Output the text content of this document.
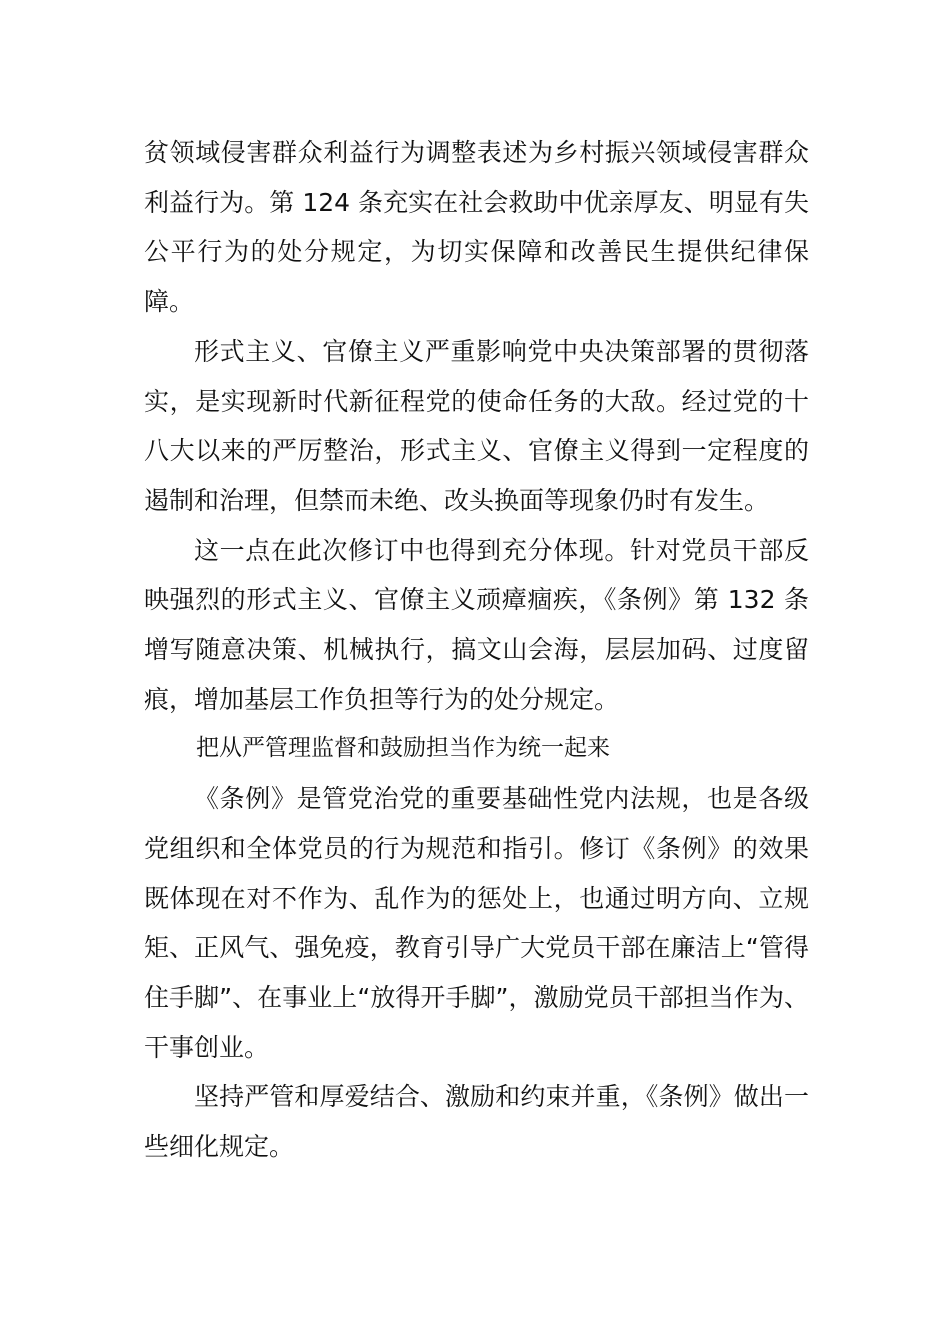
贫领域侵害群众利益行为调整表述为乡村振兴领域侵害群众利益行为。第 124 条充实在社会救助中优亲厚友、明显有失公平行为的处分规定，为切实保障和改善民生提供纪律保障。

形式主义、官僚主义严重影响党中央决策部署的贯彻落实，是实现新时代新征程党的使命任务的大敌。经过党的十八大以来的严厉整治，形式主义、官僚主义得到一定程度的遏制和治理，但禁而未绝、改头换面等现象仍时有发生。

这一点在此次修订中也得到充分体现。针对党员干部反映强烈的形式主义、官僚主义顽瘴痼疾，《条例》第 132 条增写随意决策、机械执行，搞文山会海，层层加码、过度留痕，增加基层工作负担等行为的处分规定。

把从严管理监督和鼓励担当作为统一起来

《条例》是管党治党的重要基础性党内法规，也是各级党组织和全体党员的行为规范和指引。修订《条例》的效果既体现在对不作为、乱作为的惩处上，也通过明方向、立规矩、正风气、强免疫，教育引导广大党员干部在廉洁上“管得住手脚”、在事业上“放得开手脚”，激励党员干部担当作为、干事创业。

坚持严管和厚爱结合、激励和约束并重，《条例》做出一些细化规定。
